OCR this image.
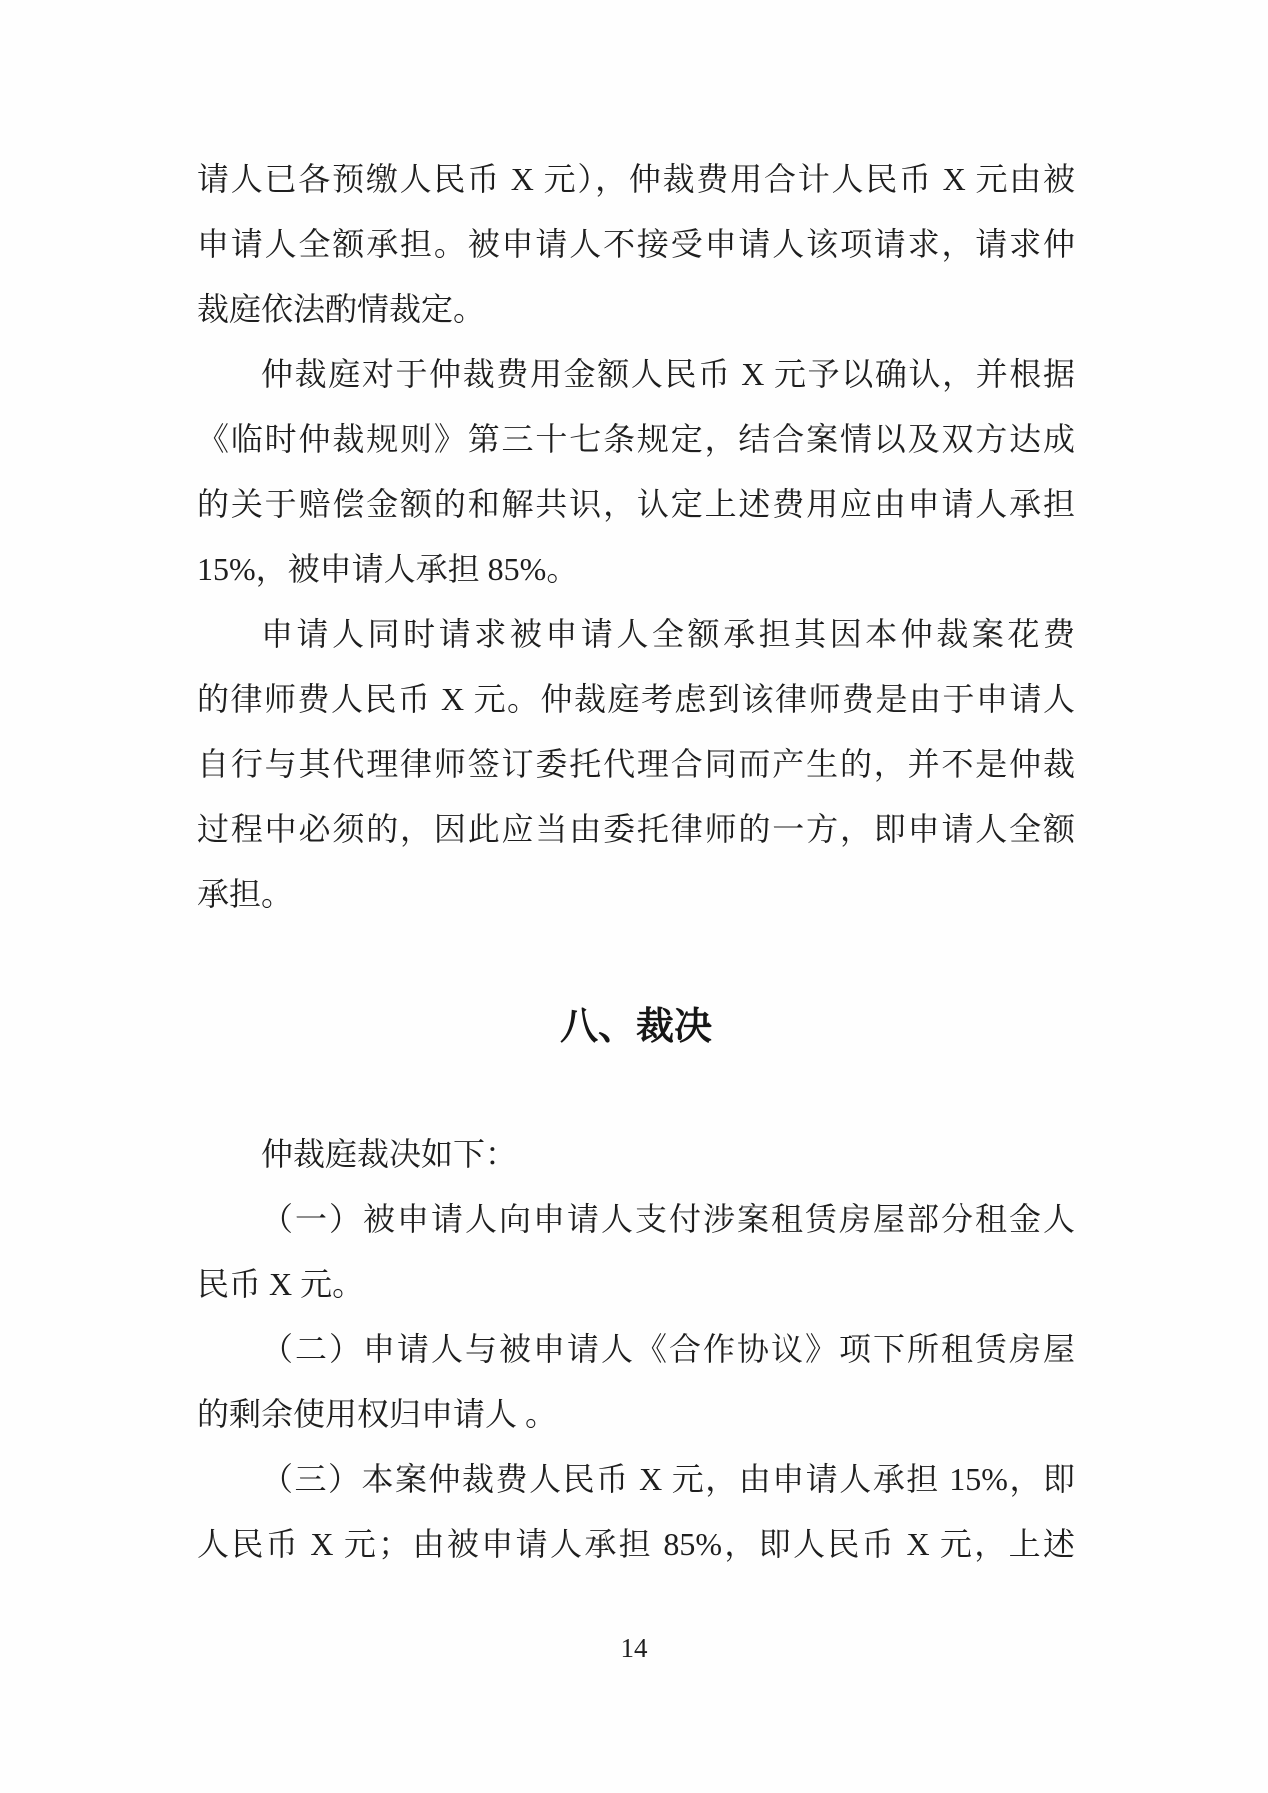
请人已各预缴人民币 X 元），仲裁费用合计人民币 X 元由被
申请人全额承担。被申请人不接受申请人该项请求，请求仲
裁庭依法酌情裁定。
仲裁庭对于仲裁费用金额人民币 X 元予以确认，并根据
《临时仲裁规则》第三十七条规定，结合案情以及双方达成
的关于赔偿金额的和解共识，认定上述费用应由申请人承担
15%，被申请人承担 85%。
申请人同时请求被申请人全额承担其因本仲裁案花费
的律师费人民币 X 元。仲裁庭考虑到该律师费是由于申请人
自行与其代理律师签订委托代理合同而产生的，并不是仲裁
过程中必须的，因此应当由委托律师的一方，即申请人全额
承担。
八、裁决
仲裁庭裁决如下：
（一）被申请人向申请人支付涉案租赁房屋部分租金人
民币 X 元。
（二）申请人与被申请人《合作协议》项下所租赁房屋
的剩余使用权归申请人 。
（三）本案仲裁费人民币 X 元，由申请人承担 15%，即
人民币 X 元；由被申请人承担 85%，即人民币 X 元，上述
14
